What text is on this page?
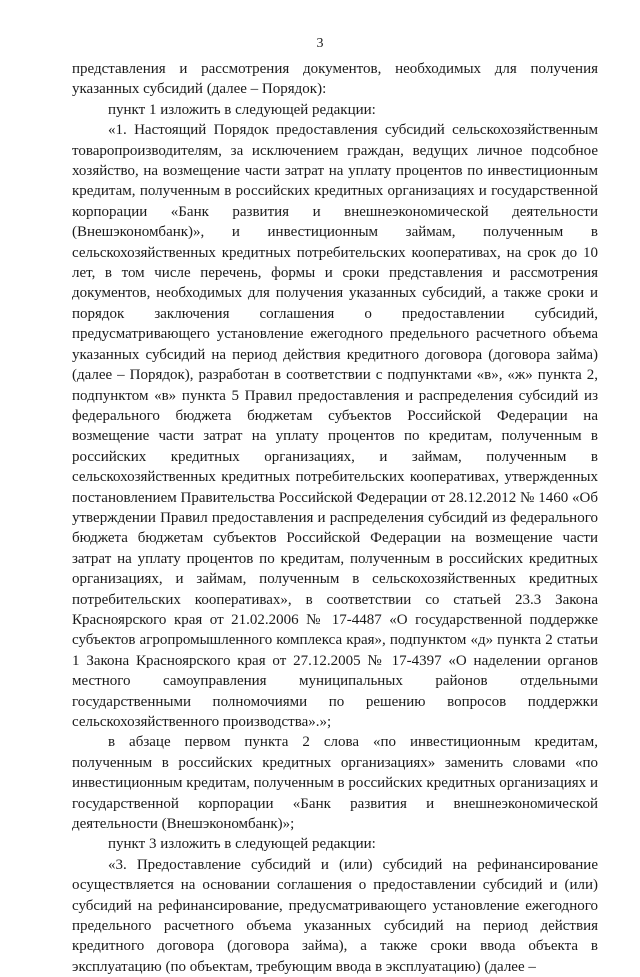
3

представления и рассмотрения документов, необходимых для получения указанных субсидий (далее – Порядок):

пункт 1 изложить в следующей редакции:

«1. Настоящий Порядок предоставления субсидий сельскохозяйственным товаропроизводителям, за исключением граждан, ведущих личное подсобное хозяйство, на возмещение части затрат на уплату процентов по инвестиционным кредитам, полученным в российских кредитных организациях и государственной корпорации «Банк развития и внешнеэкономической деятельности (Внешэкономбанк)», и инвестиционным займам, полученным в сельскохозяйственных кредитных потребительских кооперативах, на срок до 10 лет, в том числе перечень, формы и сроки представления и рассмотрения документов, необходимых для получения указанных субсидий, а также сроки и порядок заключения соглашения о предоставлении субсидий, предусматривающего установление ежегодного предельного расчетного объема указанных субсидий на период действия кредитного договора (договора займа) (далее – Порядок), разработан в соответствии с подпунктами «в», «ж» пункта 2, подпунктом «в» пункта 5 Правил предоставления и распределения субсидий из федерального бюджета бюджетам субъектов Российской Федерации на возмещение части затрат на уплату процентов по кредитам, полученным в российских кредитных организациях, и займам, полученным в сельскохозяйственных кредитных потребительских кооперативах, утвержденных постановлением Правительства Российской Федерации от 28.12.2012 № 1460 «Об утверждении Правил предоставления и распределения субсидий из федерального бюджета бюджетам субъектов Российской Федерации на возмещение части затрат на уплату процентов по кредитам, полученным в российских кредитных организациях, и займам, полученным в сельскохозяйственных кредитных потребительских кооперативах», в соответствии со статьей 23.3 Закона Красноярского края от 21.02.2006 № 17-4487 «О государственной поддержке субъектов агропромышленного комплекса края», подпунктом «д» пункта 2 статьи 1 Закона Красноярского края от 27.12.2005 № 17-4397 «О наделении органов местного самоуправления муниципальных районов отдельными государственными полномочиями по решению вопросов поддержки сельскохозяйственного производства».»;

в абзаце первом пункта 2 слова «по инвестиционным кредитам, полученным в российских кредитных организациях» заменить словами «по инвестиционным кредитам, полученным в российских кредитных организациях и государственной корпорации «Банк развития и внешнеэкономической деятельности (Внешэкономбанк)»;

пункт 3 изложить в следующей редакции:

«3. Предоставление субсидий и (или) субсидий на рефинансирование осуществляется на основании соглашения о предоставлении субсидий и (или) субсидий на рефинансирование, предусматривающего установление ежегодного предельного расчетного объема указанных субсидий на период действия кредитного договора (договора займа), а также сроки ввода объекта в эксплуатацию (по объектам, требующим ввода в эксплуатацию) (далее –
